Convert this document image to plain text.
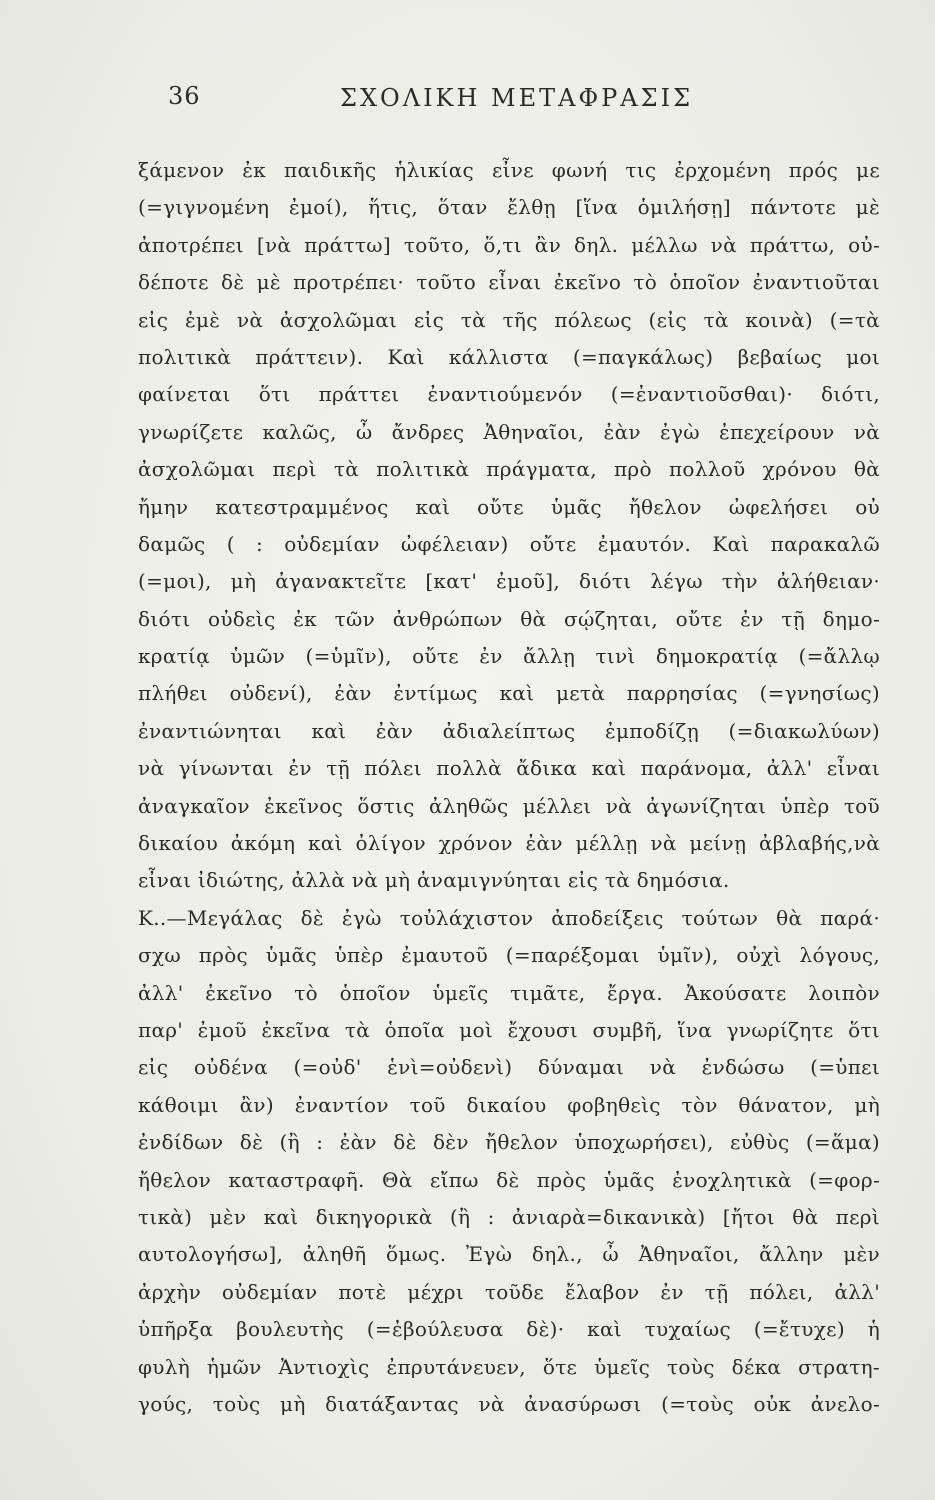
36	ΣΧΟΛΙΚΗ ΜΕΤΑΦΡΑΣΙΣ
ξάμενον ἐκ παιδικῆς ἡλικίας εἶνε φωνή τις ἐρχομένη πρός με
(=γιγνομένη ἐμοί), ἥτις, ὅταν ἔλθῃ [ἵνα ὁμιλήσῃ] πάντοτε μὲ
ἀποτρέπει [νὰ πράττω] τοῦτο, ὅ,τι ἂν δηλ. μέλλω νὰ πράττω, οὐ-
δέποτε δὲ μὲ προτρέπει· τοῦτο εἶναι ἐκεῖνο τὸ ὁποῖον ἐναντιοῦται
εἰς ἐμὲ νὰ ἀσχολῶμαι εἰς τὰ τῆς πόλεως (εἰς τὰ κοινὰ) (=τὰ
πολιτικὰ πράττειν). Καὶ κάλλιστα (=παγκάλως) βεβαίως μοι
φαίνεται ὅτι πράττει ἐναντιούμενόν (=ἐναντιοῦσθαι)· διότι,
γνωρίζετε καλῶς, ὦ ἄνδρες Ἀθηναῖοι, ἐὰν ἐγὼ ἐπεχείρουν νὰ
ἀσχολῶμαι περὶ τὰ πολιτικὰ πράγματα, πρὸ πολλοῦ χρόνου θὰ
ἤμην κατεστραμμένος καὶ οὔτε ὑμᾶς ἤθελον ὠφελήσει οὐ
δαμῶς ( : οὐδεμίαν ὠφέλειαν) οὔτε ἐμαυτόν. Καὶ παρακαλῶ
(=μοι), μὴ ἀγανακτεῖτε [κατ' ἐμοῦ], διότι λέγω τὴν ἀλήθειαν·
διότι οὐδεὶς ἐκ τῶν ἀνθρώπων θὰ σῴζηται, οὔτε ἐν τῇ δημο-
κρατίᾳ ὑμῶν (=ὑμῖν), οὔτε ἐν ἄλλῃ τινὶ δημοκρατίᾳ (=ἄλλῳ
πλήθει οὐδενί), ἐὰν ἐντίμως καὶ μετὰ παρρησίας (=γνησίως)
ἐναντιώνηται καὶ ἐὰν ἀδιαλείπτως ἐμποδίζῃ (=διακωλύων)
νὰ γίνωνται ἐν τῇ πόλει πολλὰ ἄδικα καὶ παράνομα, ἀλλ' εἶναι
ἀναγκαῖον ἐκεῖνος ὅστις ἀληθῶς μέλλει νὰ ἀγωνίζηται ὑπὲρ τοῦ
δικαίου ἀκόμη καὶ ὀλίγον χρόνον ἐὰν μέλλῃ νὰ μείνῃ ἀβλαβής,νὰ
εἶναι ἰδιώτης, ἀλλὰ νὰ μὴ ἀναμιγνύηται εἰς τὰ δημόσια.
Κ..—Μεγάλας δὲ ἐγὼ τοὐλάχιστον ἀποδείξεις τούτων θὰ παρά·
σχω πρὸς ὑμᾶς ὑπὲρ ἐμαυτοῦ (=παρέξομαι ὑμῖν), οὐχὶ λόγους,
ἀλλ' ἐκεῖνο τὸ ὁποῖον ὑμεῖς τιμᾶτε, ἔργα. Ἀκούσατε λοιπὸν
παρ' ἐμοῦ ἐκεῖνα τὰ ὁποῖα μοὶ ἔχουσι συμβῆ, ἵνα γνωρίζητε ὅτι
εἰς οὐδένα (=οὐδ' ἑνὶ=οὐδενὶ) δύναμαι νὰ ἐνδώσω (=ὑπει
κάθοιμι ἂν) ἐναντίον τοῦ δικαίου φοβηθεὶς τὸν θάνατον, μὴ
ἐνδίδων δὲ (ἢ : ἐὰν δὲ δὲν ἤθελον ὑποχωρήσει), εὐθὺς (=ἅμα)
ἤθελον καταστραφῆ. Θὰ εἴπω δὲ πρὸς ὑμᾶς ἐνοχλητικὰ (=φορ-
τικὰ) μὲν καὶ δικηγορικὰ (ἢ : ἀνιαρὰ=δικανικὰ) [ἤτοι θὰ περὶ
αυτολογήσω], ἀληθῆ ὅμως. Ἐγὼ δηλ., ὦ Ἀθηναῖοι, ἄλλην μὲν
ἀρχὴν οὐδεμίαν ποτὲ μέχρι τοῦδε ἔλαβον ἐν τῇ πόλει, ἀλλ'
ὑπῆρξα βουλευτὴς (=ἐβούλευσα δὲ)· καὶ τυχαίως (=ἔτυχε) ἡ
φυλὴ ἡμῶν Ἀντιοχὶς ἐπρυτάνευεν, ὅτε ὑμεῖς τοὺς δέκα στρατη-
γούς, τοὺς μὴ διατάξαντας νὰ ἀνασύρωσι (=τοὺς οὐκ ἀνελο-
